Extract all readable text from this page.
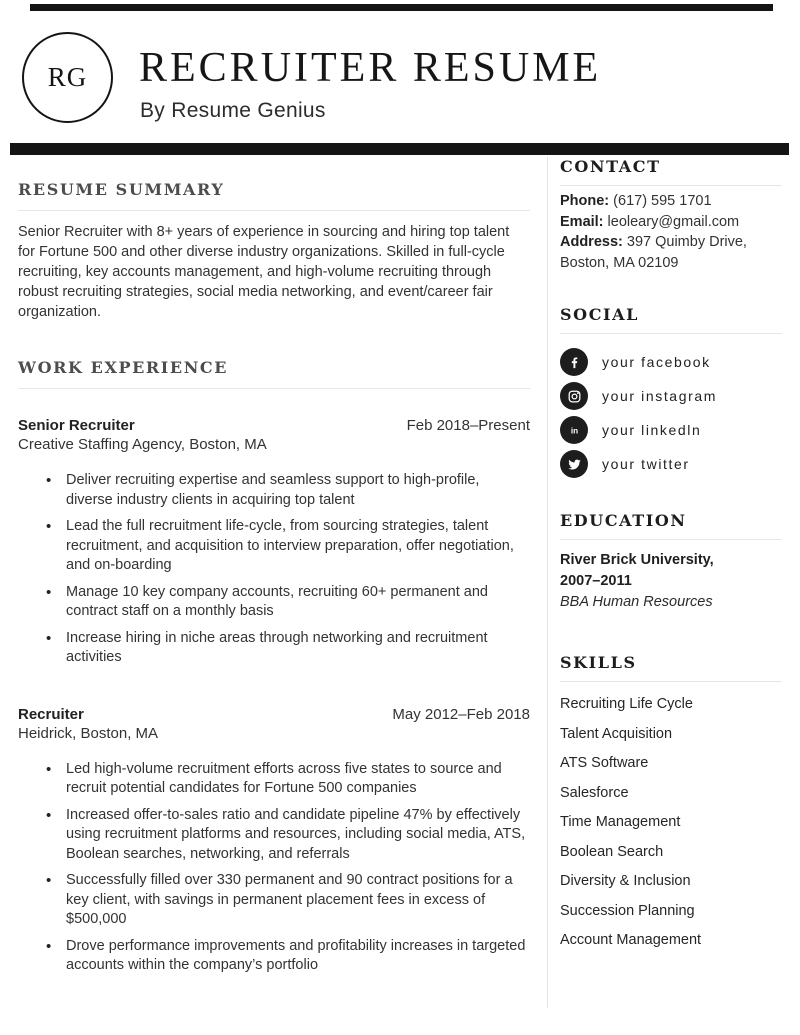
RG RECRUITER RESUME
By Resume Genius
RESUME SUMMARY

Senior Recruiter with 8+ years of experience in sourcing and hiring top talent for Fortune 500 and other diverse industry organizations. Skilled in full-cycle recruiting, key accounts management, and high-volume recruiting through robust recruiting strategies, social media networking, and event/career fair organization.

WORK EXPERIENCE
Senior Recruiter	Feb 2018–Present
Creative Staffing Agency, Boston, MA
• Deliver recruiting expertise and seamless support to high-profile, diverse industry clients in acquiring top talent
• Lead the full recruitment life-cycle, from sourcing strategies, talent recruitment, and acquisition to interview preparation, offer negotiation, and on-boarding
• Manage 10 key company accounts, recruiting 60+ permanent and contract staff on a monthly basis
• Increase hiring in niche areas through networking and recruitment activities
Recruiter	May 2012–Feb 2018
Heidrick, Boston, MA
• Led high-volume recruitment efforts across five states to source and recruit potential candidates for Fortune 500 companies
• Increased offer-to-sales ratio and candidate pipeline 47% by effectively using recruitment platforms and resources, including social media, ATS, Boolean searches, networking, and referrals
• Successfully filled over 330 permanent and 90 contract positions for a key client, with savings in permanent placement fees in excess of $500,000
• Drove performance improvements and profitability increases in targeted accounts within the company’s portfolio
CONTACT
Phone: (617) 595 1701
Email: leoleary@gmail.com
Address: 397 Quimby Drive, Boston, MA 02109
SOCIAL
your facebook
your instagram
in your linkedln
your twitter
EDUCATION
River Brick University,
2007–2011
BBA Human Resources
SKILLS
Recruiting Life Cycle
Talent Acquisition
ATS Software
Salesforce
Time Management
Boolean Search
Diversity & Inclusion
Succession Planning
Account Management
